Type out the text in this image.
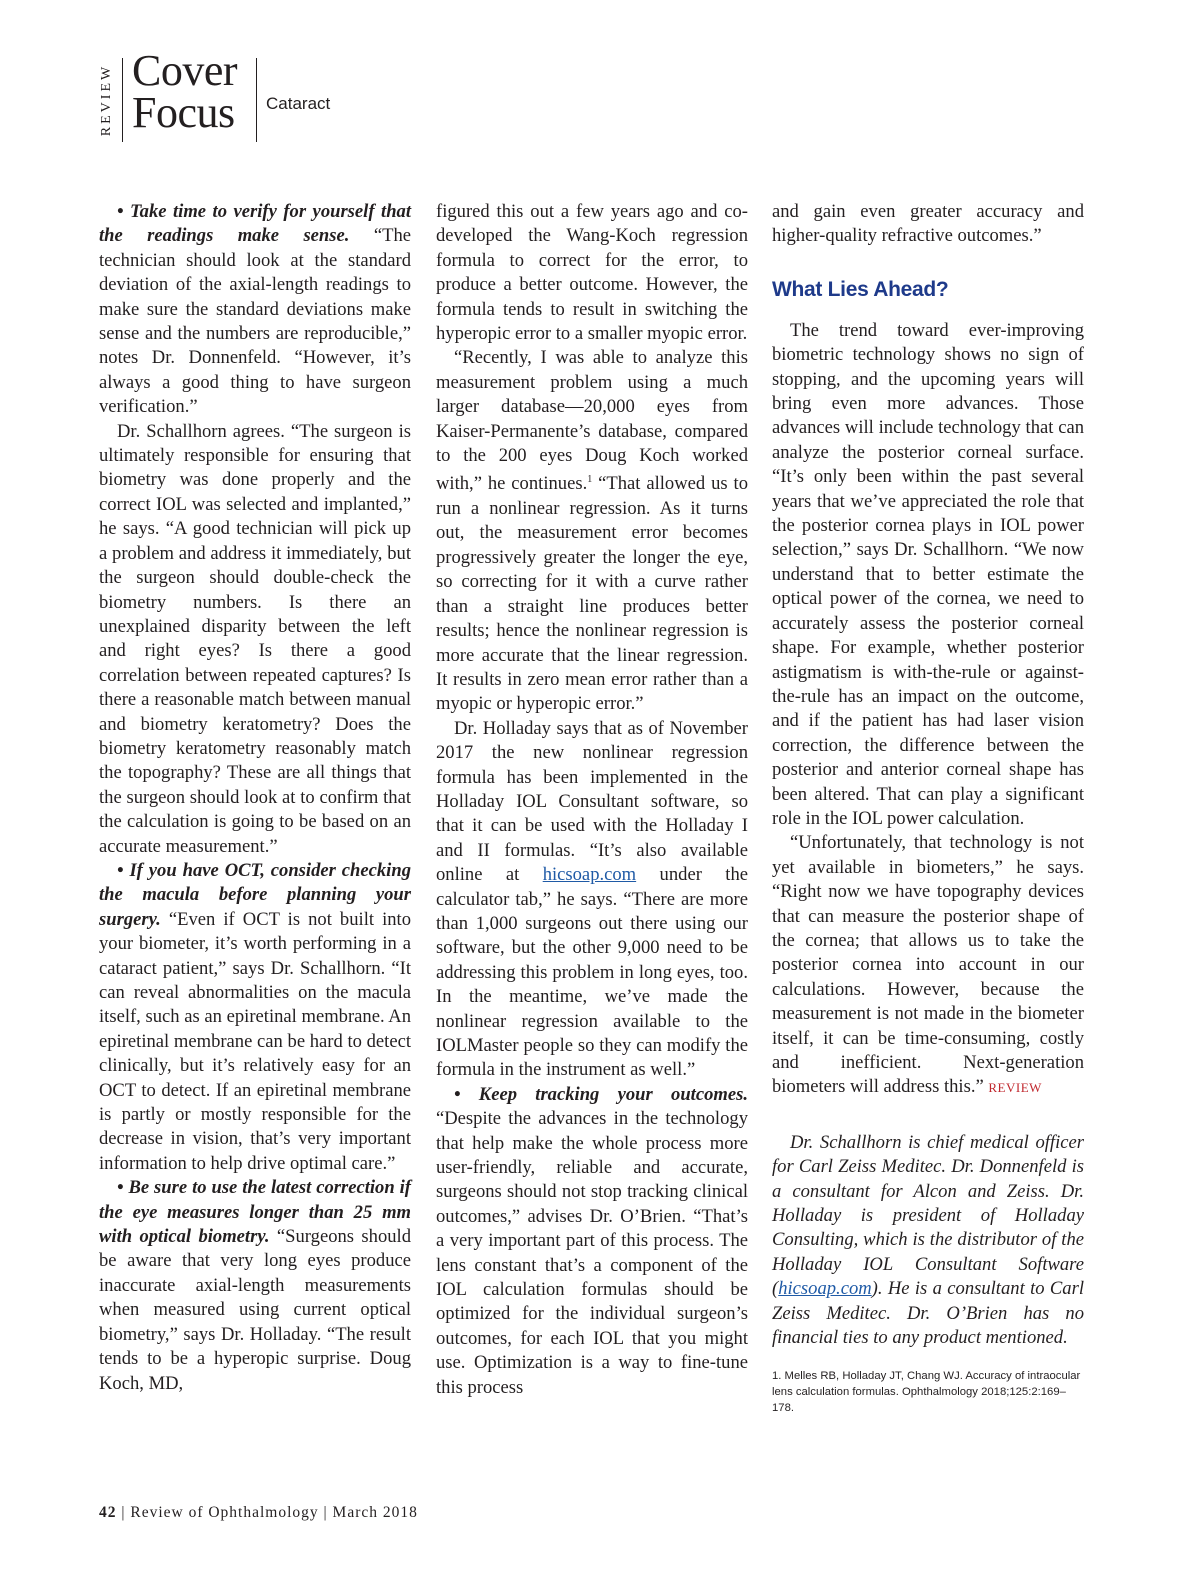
REVIEW Cover
Focus Cataract

• Take time to verify for yourself that the readings make sense. “The technician should look at the standard deviation of the axial-length readings to make sure the standard deviations make sense and the numbers are reproducible,” notes Dr. Donnenfeld. “However, it’s always a good thing to have surgeon verification.”

Dr. Schallhorn agrees. “The surgeon is ultimately responsible for ensuring that biometry was done properly and the correct IOL was selected and implanted,” he says. “A good technician will pick up a problem and address it immediately, but the surgeon should double-check the biometry numbers. Is there an unexplained disparity between the left and right eyes? Is there a good correlation between repeated captures? Is there a reasonable match between manual and biometry keratometry? Does the biometry keratometry reasonably match the topography? These are all things that the surgeon should look at to confirm that the calculation is going to be based on an accurate measurement.”

• If you have OCT, consider checking the macula before planning your surgery. “Even if OCT is not built into your biometer, it’s worth performing in a cataract patient,” says Dr. Schallhorn. “It can reveal abnormalities on the macula itself, such as an epiretinal membrane. An epiretinal membrane can be hard to detect clinically, but it’s relatively easy for an OCT to detect. If an epiretinal membrane is partly or mostly responsible for the decrease in vision, that’s very important information to help drive optimal care.”

• Be sure to use the latest correction if the eye measures longer than 25 mm with optical biometry. “Surgeons should be aware that very long eyes produce inaccurate axial-length measurements when measured using current optical biometry,” says Dr. Holladay. “The result tends to be a hyperopic surprise. Doug Koch, MD,

figured this out a few years ago and co-developed the Wang-Koch regression formula to correct for the error, to produce a better outcome. However, the formula tends to result in switching the hyperopic error to a smaller myopic error.

“Recently, I was able to analyze this measurement problem using a much larger database—20,000 eyes from Kaiser-Permanente’s database, compared to the 200 eyes Doug Koch worked with,” he continues.$^1$ “That allowed us to run a nonlinear regression. As it turns out, the measurement error becomes progressively greater the longer the eye, so correcting for it with a curve rather than a straight line produces better results; hence the nonlinear regression is more accurate that the linear regression. It results in zero mean error rather than a myopic or hyperopic error.”

Dr. Holladay says that as of November 2017 the new nonlinear regression formula has been implemented in the Holladay IOL Consultant software, so that it can be used with the Holladay I and II formulas. “It’s also available online at hicsoap.com under the calculator tab,” he says. “There are more than 1,000 surgeons out there using our software, but the other 9,000 need to be addressing this problem in long eyes, too. In the meantime, we’ve made the nonlinear regression available to the IOLMaster people so they can modify the formula in the instrument as well.”

• Keep tracking your outcomes. “Despite the advances in the technology that help make the whole process more user-friendly, reliable and accurate, surgeons should not stop tracking clinical outcomes,” advises Dr. O’Brien. “That’s a very important part of this process. The lens constant that’s a component of the IOL calculation formulas should be optimized for the individual surgeon’s outcomes, for each IOL that you might use. Optimization is a way to fine-tune this process

and gain even greater accuracy and higher-quality refractive outcomes.”

What Lies Ahead?

The trend toward ever-improving biometric technology shows no sign of stopping, and the upcoming years will bring even more advances. Those advances will include technology that can analyze the posterior corneal surface. “It’s only been within the past several years that we’ve appreciated the role that the posterior cornea plays in IOL power selection,” says Dr. Schallhorn. “We now understand that to better estimate the optical power of the cornea, we need to accurately assess the posterior corneal shape. For example, whether posterior astigmatism is with-the-rule or against-the-rule has an impact on the outcome, and if the patient has had laser vision correction, the difference between the posterior and anterior corneal shape has been altered. That can play a significant role in the IOL power calculation.

“Unfortunately, that technology is not yet available in biometers,” he says. “Right now we have topography devices that can measure the posterior shape of the cornea; that allows us to take the posterior cornea into account in our calculations. However, because the measurement is not made in the biometer itself, it can be time-consuming, costly and inefficient. Next-generation biometers will address this.” REVIEW

Dr. Schallhorn is chief medical officer for Carl Zeiss Meditec. Dr. Donnenfeld is a consultant for Alcon and Zeiss. Dr. Holladay is president of Holladay Consulting, which is the distributor of the Holladay IOL Consultant Software (hicsoap.com). He is a consultant to Carl Zeiss Meditec. Dr. O’Brien has no financial ties to any product mentioned.

1. Melles RB, Holladay JT, Chang WJ. Accuracy of intraocular lens calculation formulas. Ophthalmology 2018;125:2:169–178.

42 | Review of Ophthalmology | March 2018
